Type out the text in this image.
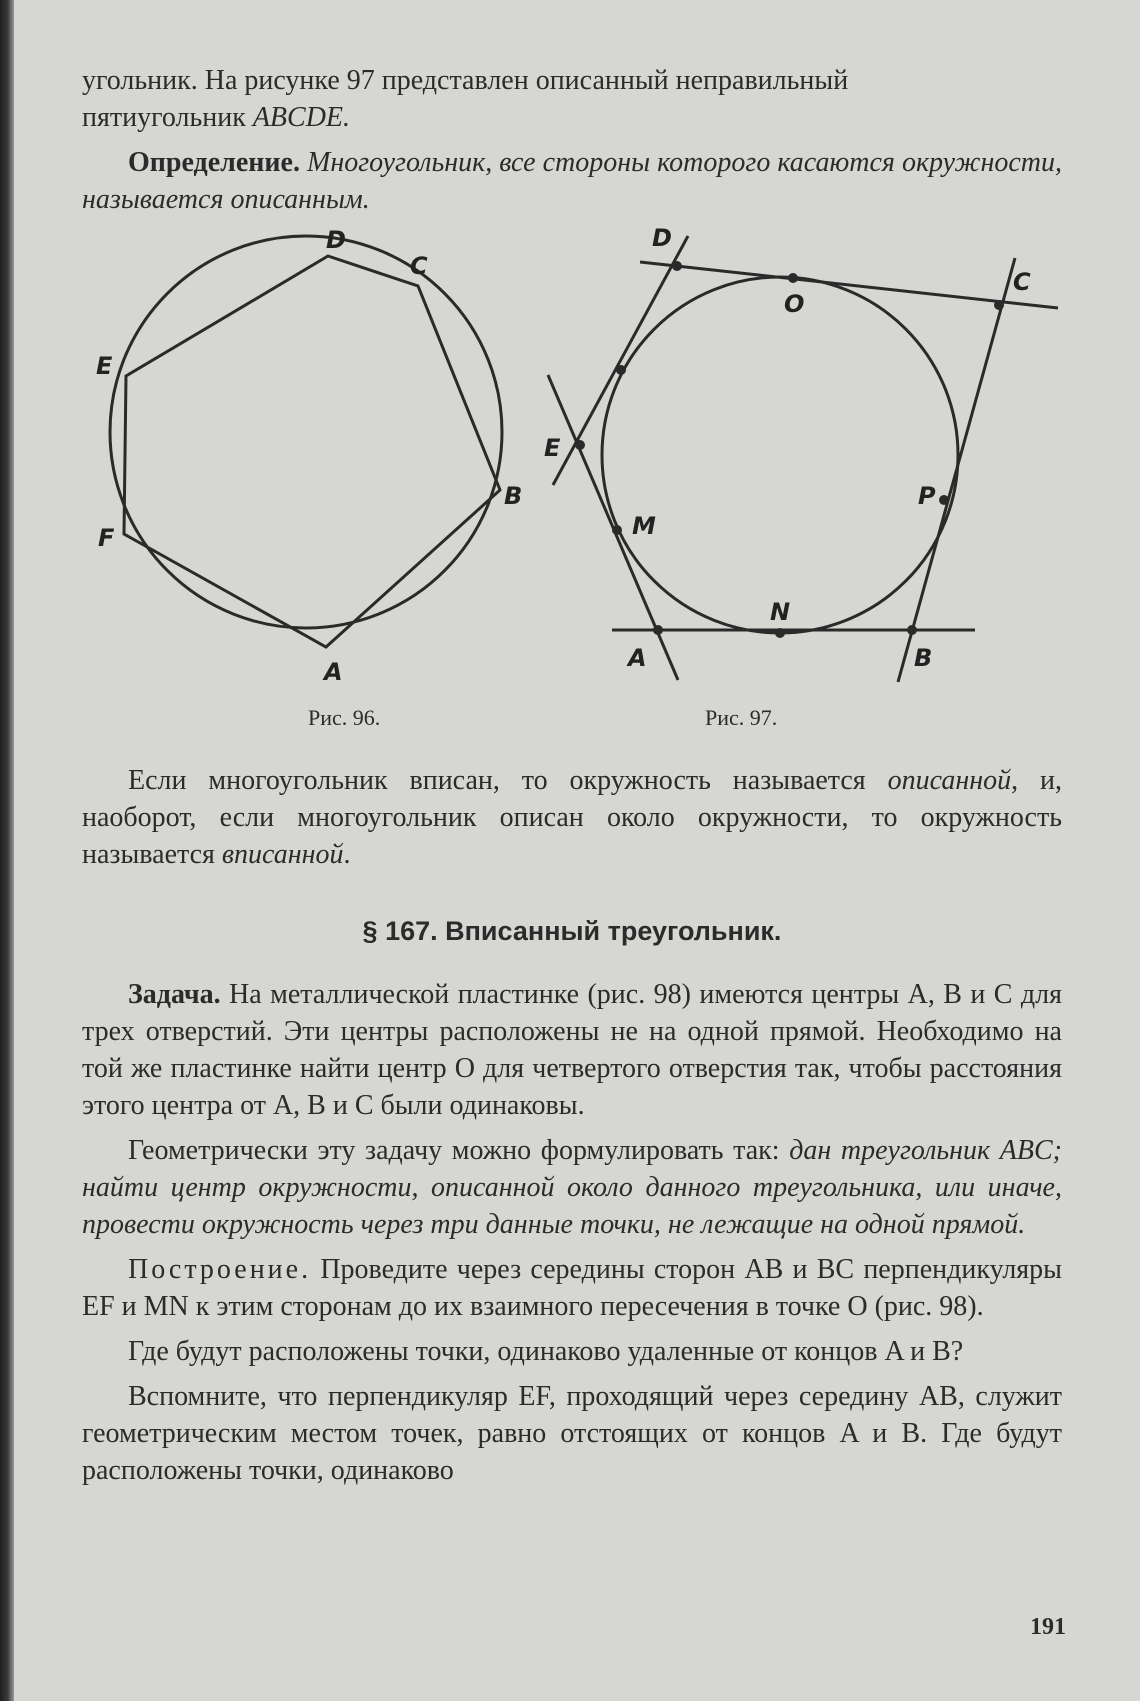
угольник. На рисунке 97 представлен описанный неправильный
пятиугольник ABCDE.

Определение. Многоугольник, все стороны которого касаются окружности, называется описанным.

D
C
E
B
F
A
D
O
C
E
P
M
N
A	B
Рис. 96.	Рис. 97.

Если многоугольник вписан, то окружность называется описанной, и, наоборот, если многоугольник описан около окружности, то окружность называется вписанной.

§ 167. Вписанный треугольник.

Задача. На металлической пластинке (рис. 98) имеются центры A, B и C для трех отверстий. Эти центры расположены не на одной прямой. Необходимо на той же пластинке найти центр O для четвертого отверстия так, чтобы расстояния этого центра от A, B и C были одинаковы.

Геометрически эту задачу можно формулировать так: дан треугольник ABC; найти центр окружности, описанной около данного треугольника, или иначе, провести окружность через три данные точки, не лежащие на одной прямой.

Построение. Проведите через середины сторон AB и BC перпендикуляры EF и MN к этим сторонам до их взаимного пересечения в точке O (рис. 98).

Где будут расположены точки, одинаково удаленные от концов A и B?

Вспомните, что перпендикуляр EF, проходящий через середину AB, служит геометрическим местом точек, равно отстоящих от концов A и B. Где будут расположены точки, одинаково

191
